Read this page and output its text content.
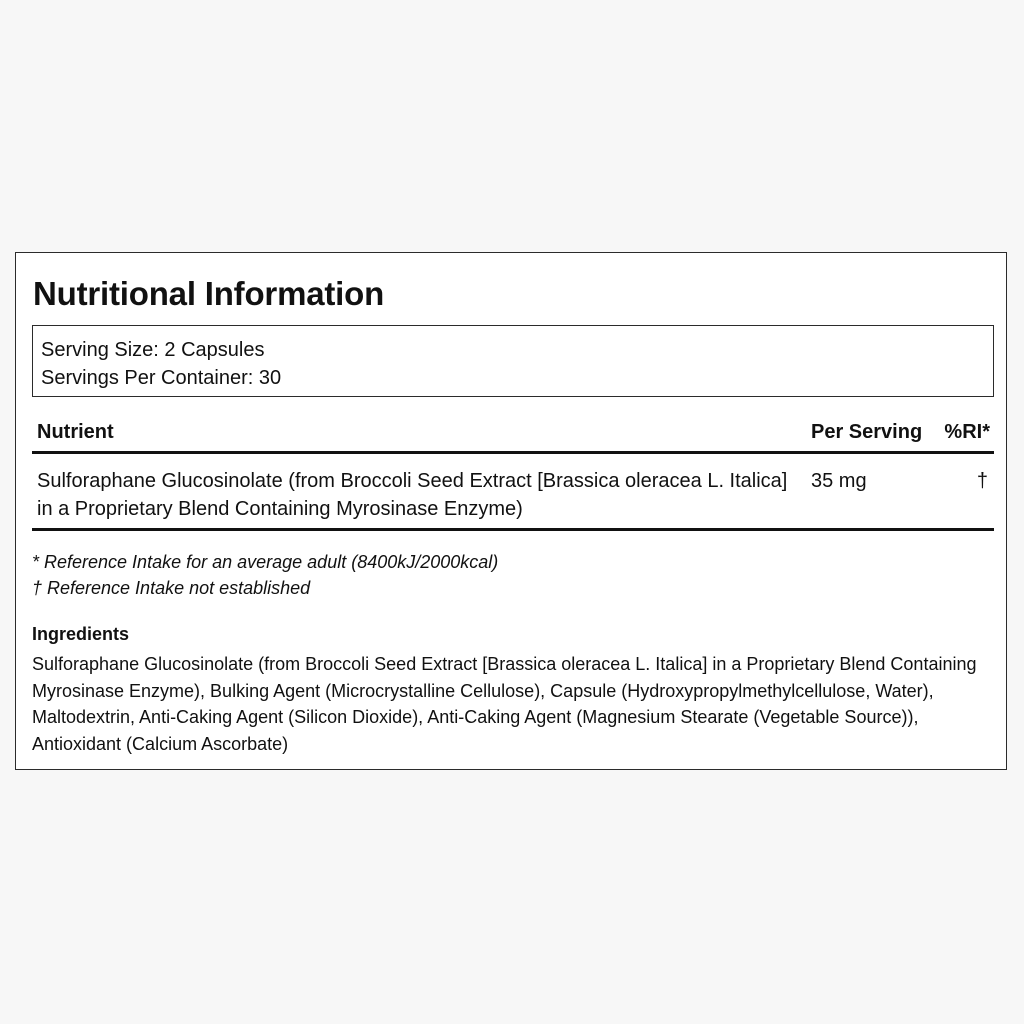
Nutritional Information
Serving Size: 2 Capsules
Servings Per Container: 30
Nutrient	Per Serving %RI*
Sulforaphane Glucosinolate (from Broccoli Seed Extract [Brassica oleracea L. Italica] in a Proprietary Blend Containing Myrosinase Enzyme)
35 mg	†
* Reference Intake for an average adult (8400kJ/2000kcal)
† Reference Intake not established
Ingredients
Sulforaphane Glucosinolate (from Broccoli Seed Extract [Brassica oleracea L. Italica] in a Proprietary Blend Containing Myrosinase Enzyme), Bulking Agent (Microcrystalline Cellulose), Capsule (Hydroxypropylmethylcellulose, Water), Maltodextrin, Anti-Caking Agent (Silicon Dioxide), Anti-Caking Agent (Magnesium Stearate (Vegetable Source)), Antioxidant (Calcium Ascorbate)
